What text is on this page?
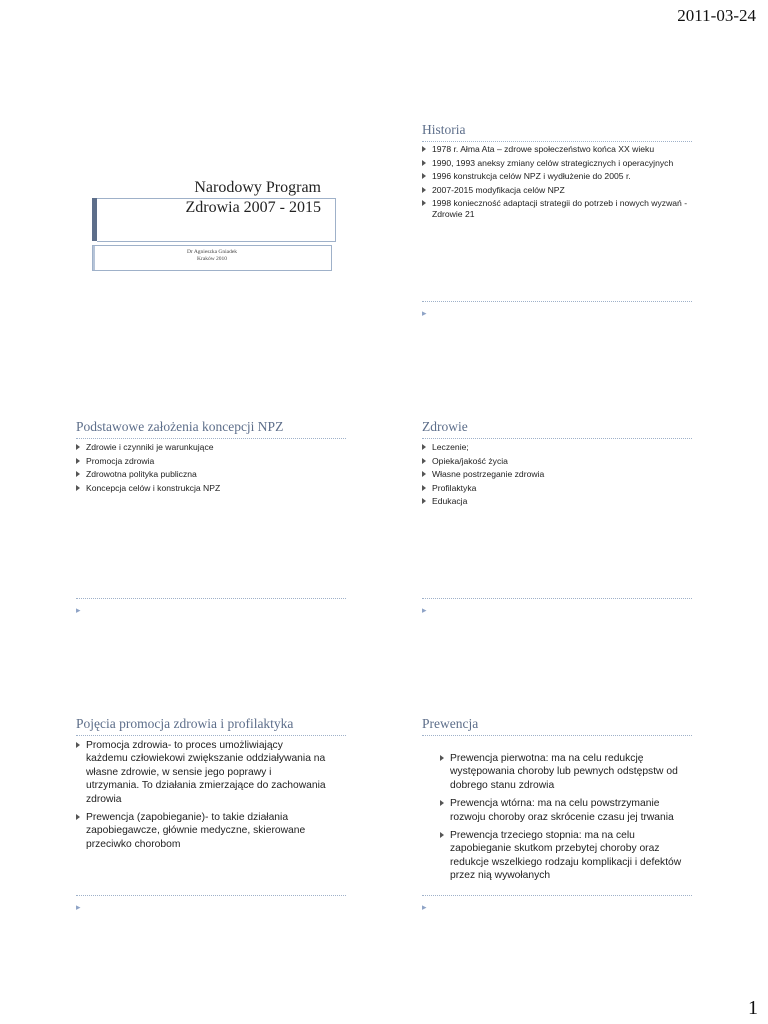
2011-03-24
Narodowy Program
Zdrowia 2007 - 2015
Dr Agnieszka Gniadek
Kraków 2010
Historia
1978 r. Ałma Ata – zdrowe społeczeństwo końca XX wieku
1990, 1993 aneksy zmiany celów strategicznych i operacyjnych
1996 konstrukcja celów NPZ i wydłużenie do 2005 r.
2007-2015 modyfikacja celów NPZ
1998 konieczność adaptacji strategii do potrzeb i nowych wyzwań - Zdrowie 21
▸
Podstawowe założenia koncepcji NPZ
Zdrowie i czynniki je warunkujące
Promocja zdrowia
Zdrowotna polityka publiczna
Koncepcja celów i konstrukcja NPZ
▸
Zdrowie
Leczenie;
Opieka/jakość życia
Własne postrzeganie zdrowia
Profilaktyka
Edukacja
▸
Pojęcia promocja zdrowia i profilaktyka
Promocja zdrowia- to proces umożliwiający każdemu człowiekowi zwiększanie oddziaływania na własne zdrowie, w sensie jego poprawy i utrzymania. To działania zmierzające do zachowania zdrowia
Prewencja (zapobieganie)- to takie działania zapobiegawcze, głównie medyczne, skierowane przeciwko chorobom
▸
Prewencja
Prewencja pierwotna: ma na celu redukcję występowania choroby lub pewnych odstępstw od dobrego stanu zdrowia
Prewencja wtórna: ma na celu powstrzymanie rozwoju choroby oraz skrócenie czasu jej trwania
Prewencja trzeciego stopnia: ma na celu zapobieganie skutkom przebytej choroby oraz redukcje wszelkiego rodzaju komplikacji i defektów przez nią wywołanych
▸
1
